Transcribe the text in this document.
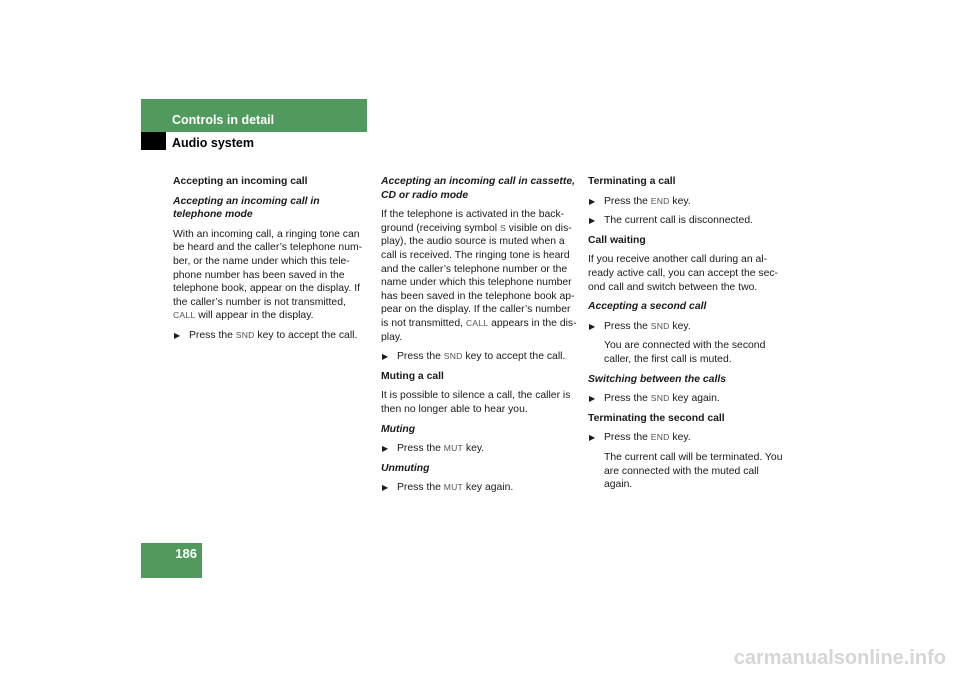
Controls in detail
Audio system

Accepting an incoming call

Accepting an incoming call in telephone mode

With an incoming call, a ringing tone can be heard and the caller’s telephone num-ber, or the name under which this tele-phone number has been saved in the telephone book, appear on the display. If the caller’s number is not transmitted, CALL will appear in the display.

▶ Press the SND key to accept the call.

Accepting an incoming call in cassette, CD or radio mode

If the telephone is activated in the back-ground (receiving symbol S visible on dis-play), the audio source is muted when a call is received. The ringing tone is heard and the caller’s telephone number or the name under which this telephone number has been saved in the telephone book ap-pear on the display. If the caller’s number is not transmitted, CALL appears in the dis-play.

▶ Press the SND key to accept the call.

Muting a call

It is possible to silence a call, the caller is then no longer able to hear you.

Muting

▶ Press the MUT key.

Unmuting

▶ Press the MUT key again.

Terminating a call

▶ Press the END key.
▶ The current call is disconnected.

Call waiting

If you receive another call during an al-ready active call, you can accept the sec-ond call and switch between the two.

Accepting a second call

▶ Press the SND key.

You are connected with the second caller, the first call is muted.

Switching between the calls

▶ Press the SND key again.

Terminating the second call

▶ Press the END key.

The current call will be terminated. You are connected with the muted call again.

186
carmanualsonline.info
